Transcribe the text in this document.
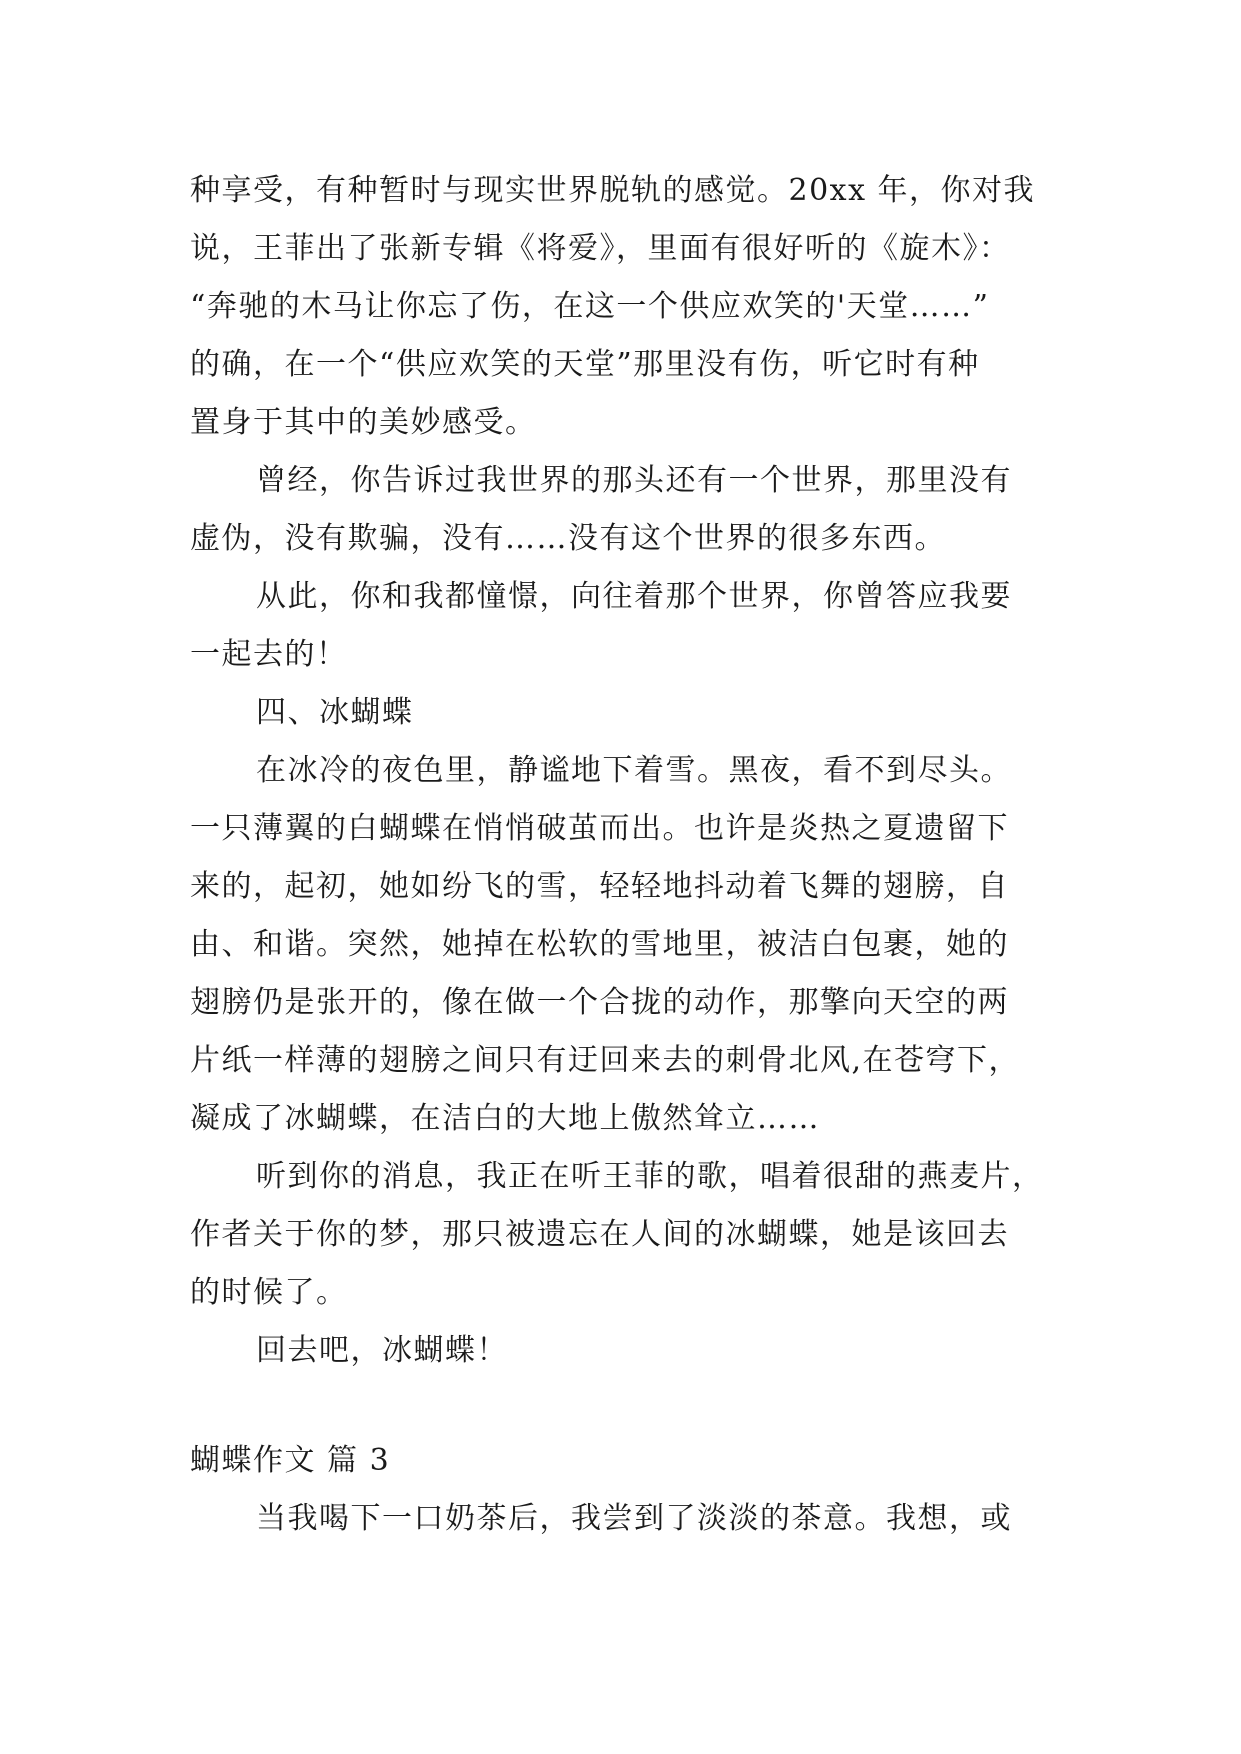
种享受，有种暂时与现实世界脱轨的感觉。20xx 年，你对我
说，王菲出了张新专辑《将爱》，里面有很好听的《旋木》：
“奔驰的木马让你忘了伤，在这一个供应欢笑的'天堂……”
的确，在一个“供应欢笑的天堂”那里没有伤，听它时有种
置身于其中的美妙感受。
曾经，你告诉过我世界的那头还有一个世界，那里没有
虚伪，没有欺骗，没有……没有这个世界的很多东西。
从此，你和我都憧憬，向往着那个世界，你曾答应我要
一起去的！
四、冰蝴蝶
在冰冷的夜色里，静谧地下着雪。黑夜，看不到尽头。
一只薄翼的白蝴蝶在悄悄破茧而出。也许是炎热之夏遗留下
来的，起初，她如纷飞的雪，轻轻地抖动着飞舞的翅膀，自
由、和谐。突然，她掉在松软的雪地里，被洁白包裹，她的
翅膀仍是张开的，像在做一个合拢的动作，那擎向天空的两
片纸一样薄的翅膀之间只有迂回来去的刺骨北风,在苍穹下，
凝成了冰蝴蝶，在洁白的大地上傲然耸立……
听到你的消息，我正在听王菲的歌，唱着很甜的燕麦片，
作者关于你的梦，那只被遗忘在人间的冰蝴蝶，她是该回去
的时候了。
回去吧，冰蝴蝶！
蝴蝶作文 篇 3
当我喝下一口奶茶后，我尝到了淡淡的茶意。我想，或
